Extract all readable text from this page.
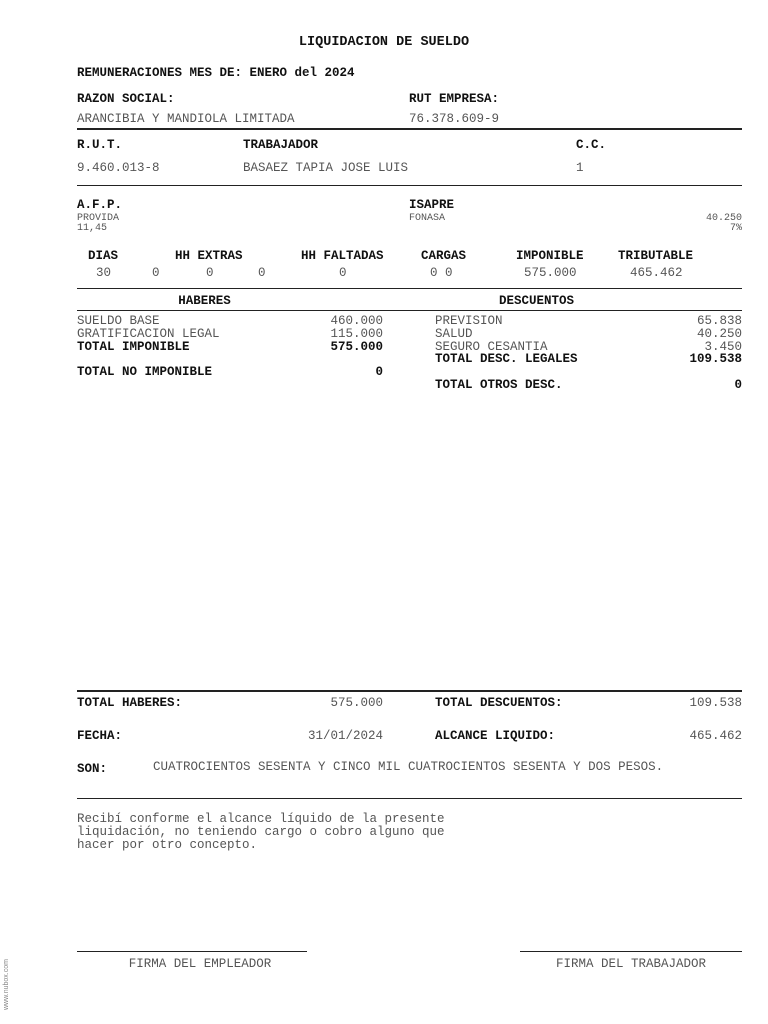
LIQUIDACION DE SUELDO
REMUNERACIONES MES DE: ENERO del 2024
RAZON SOCIAL:
ARANCIBIA Y MANDIOLA LIMITADA
RUT EMPRESA:
76.378.609-9
R.U.T.
9.460.013-8
TRABAJADOR
BASAEZ TAPIA JOSE LUIS
C.C.
1
A.F.P.
PROVIDA
11,45
ISAPRE
FONASA	40.250
7%
DIAS	HH EXTRAS	HH FALTADAS	CARGAS	IMPONIBLE	TRIBUTABLE
30	0	0	0	0	0 0	575.000	465.462
HABERES	DESCUENTOS
SUELDO BASE	460.000
GRATIFICACION LEGAL	115.000
TOTAL IMPONIBLE	575.000
TOTAL NO IMPONIBLE	0
PREVISION	65.838
SALUD	40.250
SEGURO CESANTIA	3.450
TOTAL DESC. LEGALES	109.538
TOTAL OTROS DESC.	0
TOTAL HABERES:	575.000	TOTAL DESCUENTOS:	109.538
FECHA:	31/01/2024	ALCANCE LIQUIDO:	465.462
SON:	CUATROCIENTOS SESENTA Y CINCO MIL CUATROCIENTOS SESENTA Y DOS PESOS.
Recibí conforme el alcance líquido de la presente
liquidación, no teniendo cargo o cobro alguno que
hacer por otro concepto.
FIRMA DEL EMPLEADOR	FIRMA DEL TRABAJADOR
www.nubox.com
